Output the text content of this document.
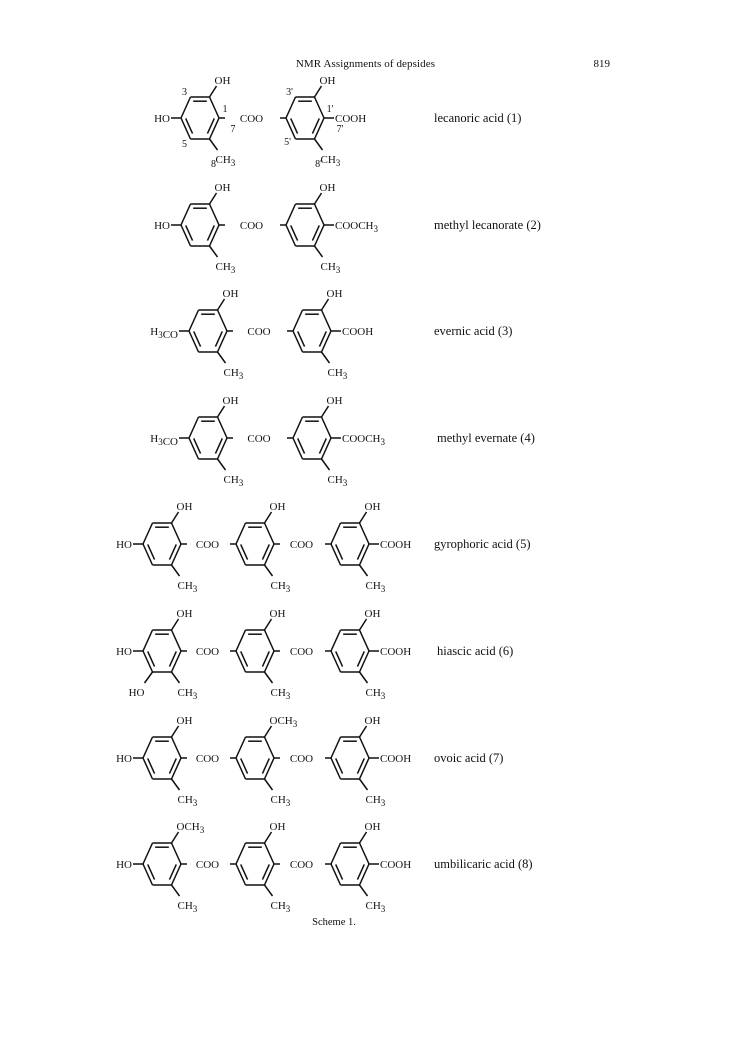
NMR Assignments of depsides	819
OH
$CH_3$
HO
OH
$CH_3$
COOH
COO
3
1
7
5
8
3'
1'
7'
5'
8'
lecanoric acid (1)
OH
$CH_3$
HO
OH
$CH_3$
$COOCH_3$
COO	methyl lecanorate (2)
OH
$CH_3$
$H_3CO$
OH
$CH_3$
COOH
COO	evernic acid (3)
OH
$CH_3$
$H_3CO$
OH
$CH_3$
$COOCH_3$
COO	methyl evernate (4)
OH
$CH_3$
HO
OH
$CH_3$
OH
$CH_3$
COOH
COO	COO	gyrophoric acid (5)
OH
$CH_3$
HO
HO
OH
$CH_3$
OH
$CH_3$
COOH
COO	COO	hiascic acid (6)
OH
$CH_3$
HO
$OCH_3$
$CH_3$
OH
$CH_3$
COOH
COO	COO	ovoic acid (7)
$OCH_3$
$CH_3$
HO
OH
$CH_3$
OH
$CH_3$
COOH
COO	COO	umbilicaric acid (8)
Scheme 1.
